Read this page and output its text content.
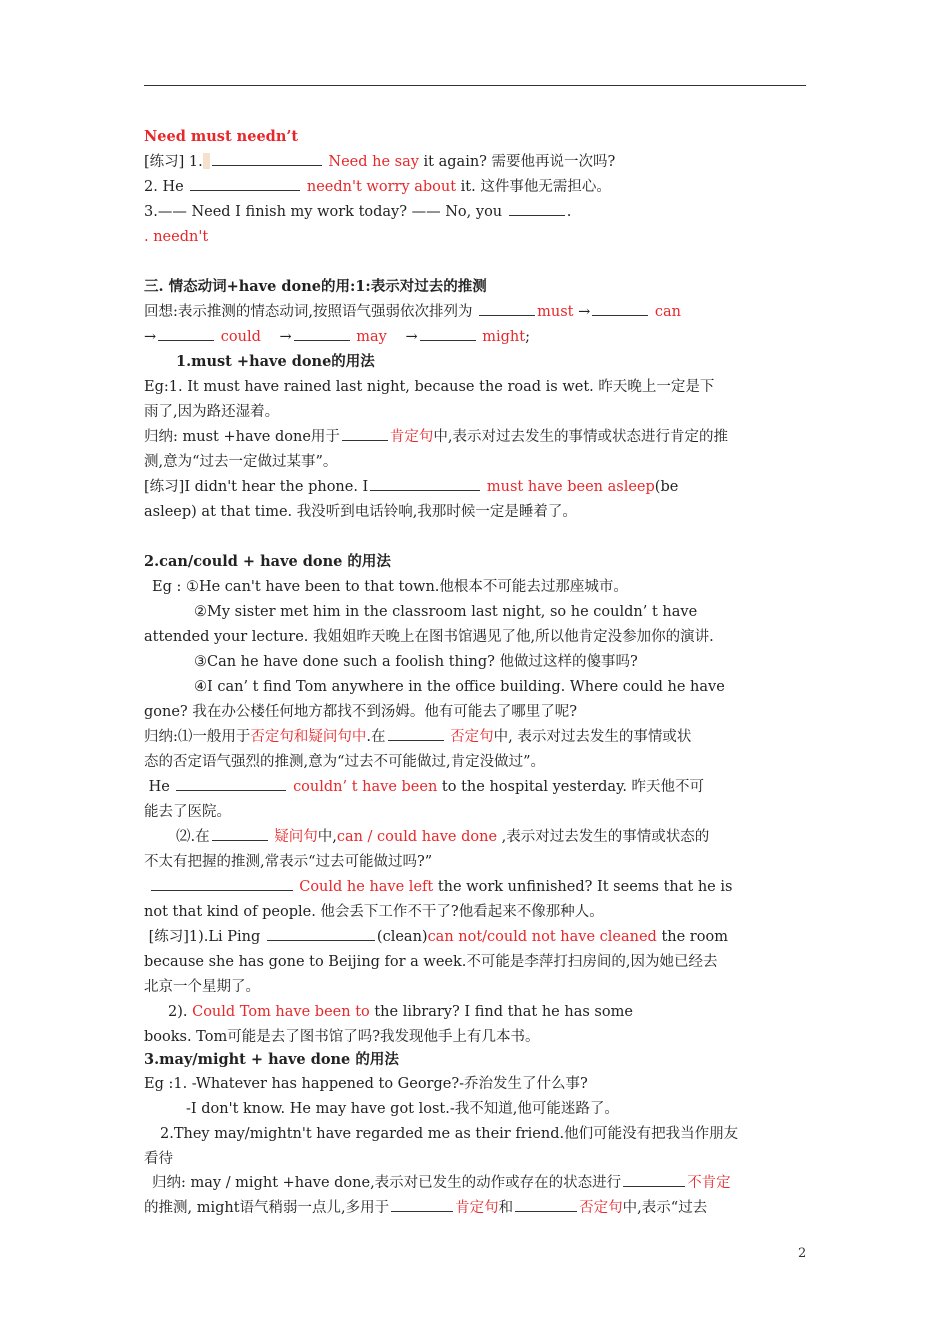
Need must needn’t
[练习] 1.	Need he say it again? 需要他再说一次吗?
2. He	needn't worry about it. 这件事他无需担心。
3.—— Need I finish my work today? —— No, you	.
. needn't
三. 情态动词+have done的用:1:表示对过去的推测
回想:表示推测的情态动词,按照语气强弱依次排列为	must →	can
→	could →	may →	might;
1.must +have done的用法
Eg:1. It must have rained last night, because the road is wet. 昨天晚上一定是下
雨了,因为路还湿着。
归纳: must +have done用于	肯定句中,表示对过去发生的事情或状态进行肯定的推
测,意为“过去一定做过某事”。
[练习]I didn't hear the phone. I	must have been asleep(be
asleep) at that time. 我没听到电话铃响,我那时候一定是睡着了。
2.can/could + have done 的用法
Eg : ①He can't have been to that town.他根本不可能去过那座城市。
②My sister met him in the classroom last night, so he couldn’ t have
attended your lecture. 我姐姐昨天晚上在图书馆遇见了他,所以他肯定没参加你的演讲.
③Can he have done such a foolish thing? 他做过这样的傻事吗?
④I can’ t find Tom anywhere in the office building. Where could he have
gone? 我在办公楼任何地方都找不到汤姆。他有可能去了哪里了呢?
归纳:⑴一般用于否定句和疑问句中.在	否定句中, 表示对过去发生的事情或状
态的否定语气强烈的推测,意为“过去不可能做过,肯定没做过”。
He	couldn’ t have been to the hospital yesterday. 昨天他不可
能去了医院。
⑵.在	疑问句中,can / could have done ,表示对过去发生的事情或状态的
不太有把握的推测,常表示“过去可能做过吗?”
Could he have left the work unfinished? It seems that he is
not that kind of people. 他会丢下工作不干了?他看起来不像那种人。
[练习]1).Li Ping	(clean)can not/could not have cleaned the room
because she has gone to Beijing for a week.不可能是李萍打扫房间的,因为她已经去
北京一个星期了。
2). Could Tom have been to the library? I find that he has some
books. Tom可能是去了图书馆了吗?我发现他手上有几本书。
3.may/might + have done 的用法
Eg :1. -Whatever has happened to George?-乔治发生了什么事?
-I don't know. He may have got lost.-我不知道,他可能迷路了。
2.They may/mightn't have regarded me as their friend.他们可能没有把我当作朋友
看待
归纳: may / might +have done,表示对已发生的动作或存在的状态进行	不肯定
的推测, might语气稍弱一点儿,多用于	肯定句和	否定句中,表示“过去
2
